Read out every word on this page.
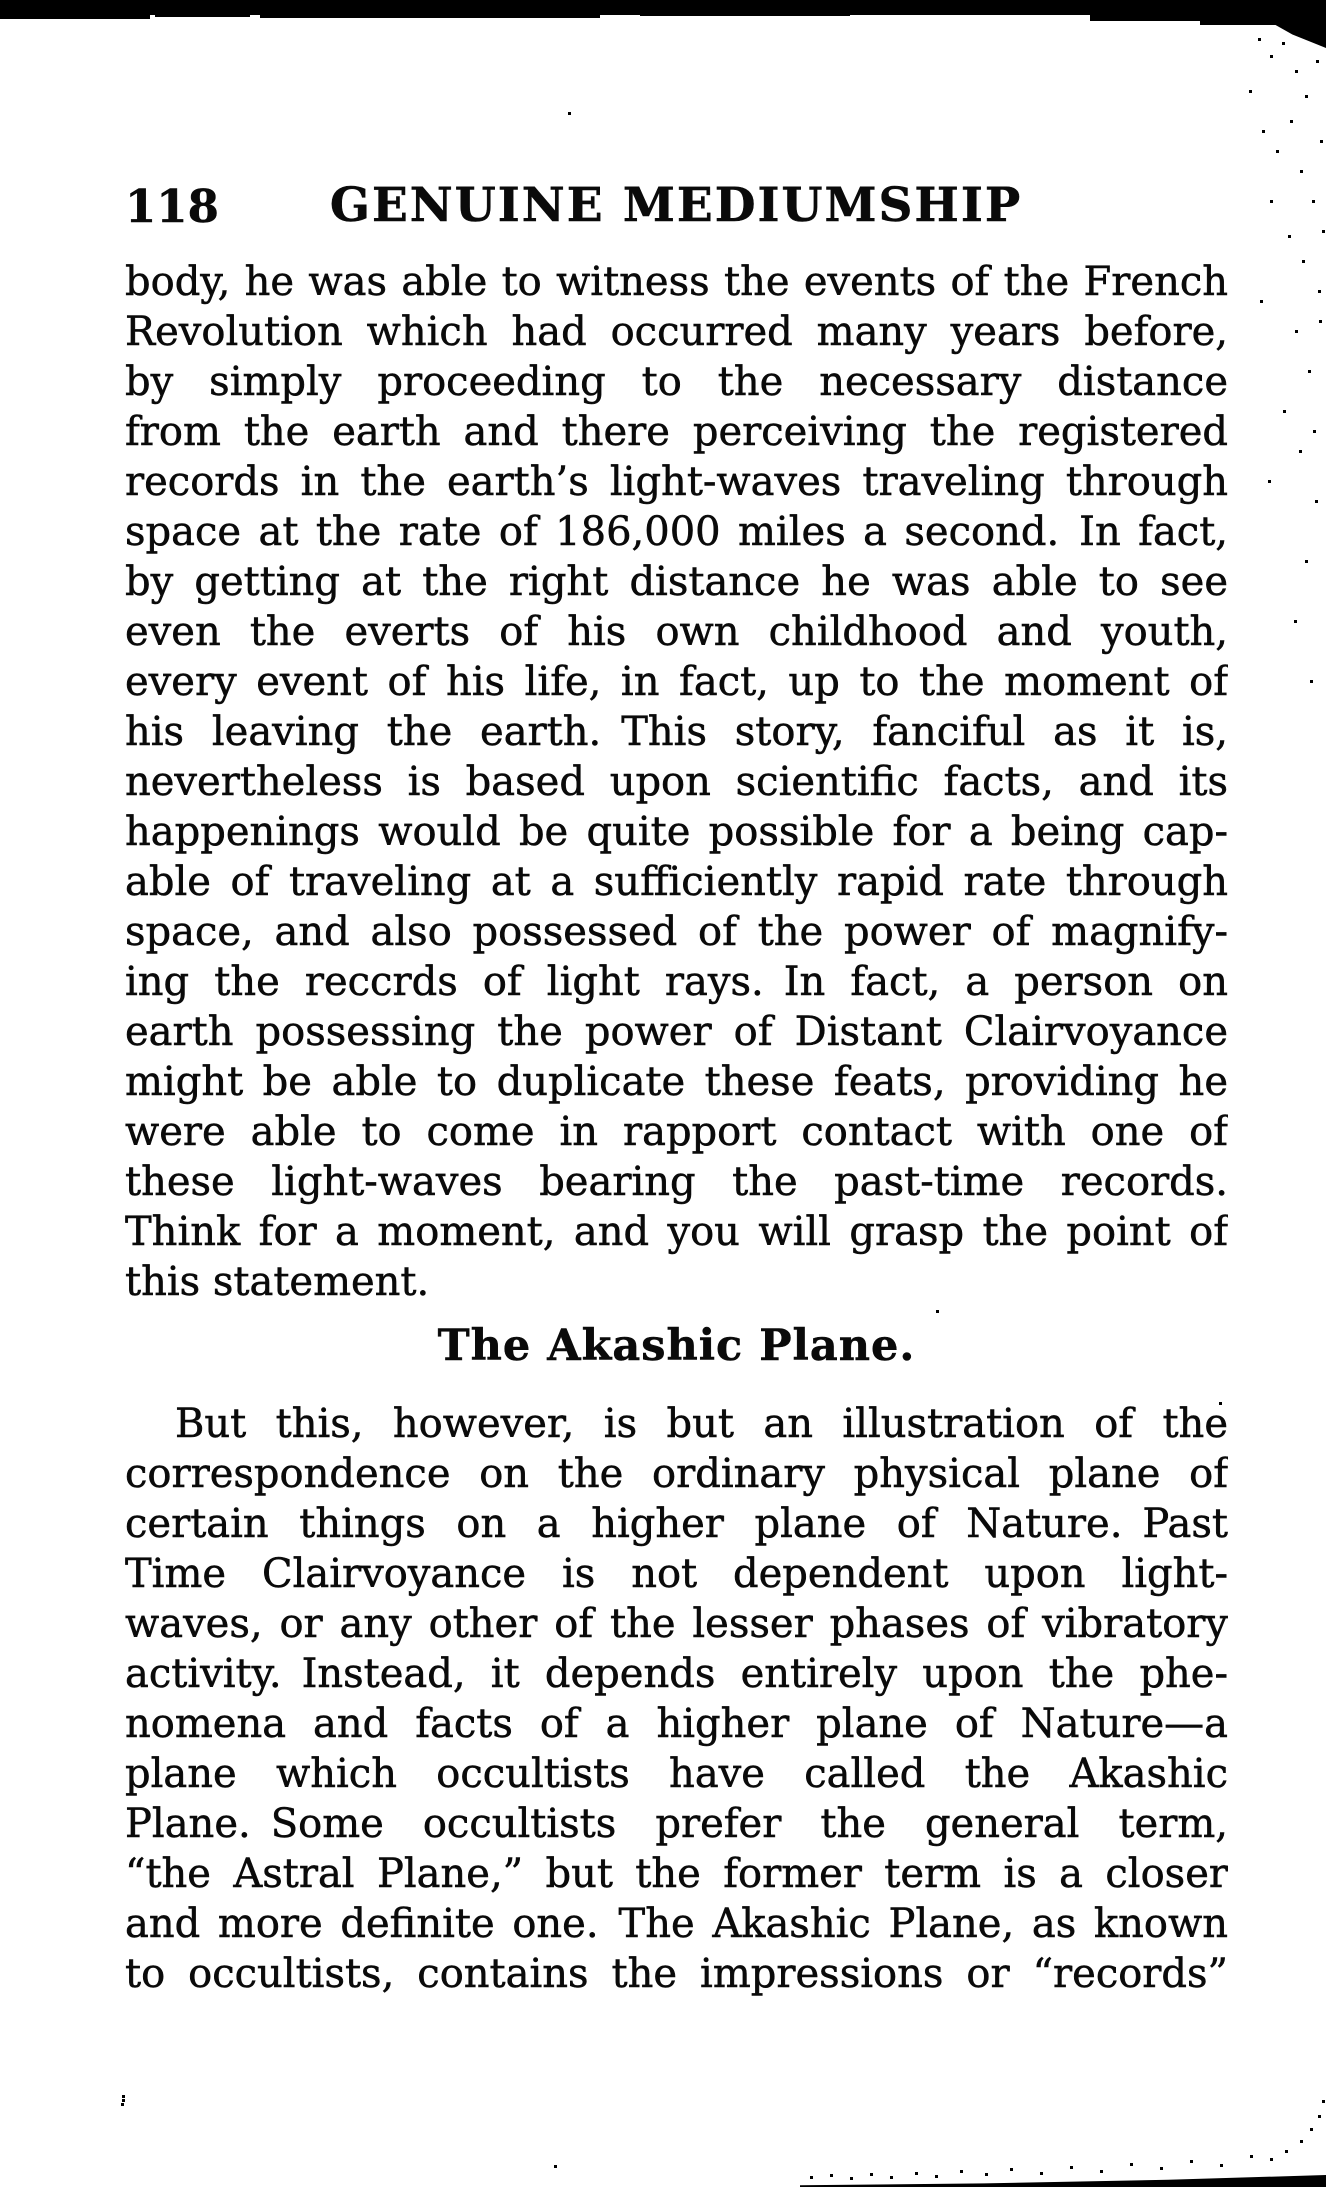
118 GENUINE MEDIUMSHIP
body, he was able to witness the events of the French
Revolution which had occurred many years before,
by simply proceeding to the necessary distance
from the earth and there perceiving the registered
records in the earth’s light-waves traveling through
space at the rate of 186,000 miles a second. In fact,
by getting at the right distance he was able to see
even the everts of his own childhood and youth,
every event of his life, in fact, up to the moment of
his leaving the earth. This story, fanciful as it is,
nevertheless is based upon scientific facts, and its
happenings would be quite possible for a being cap-
able of traveling at a sufficiently rapid rate through
space, and also possessed of the power of magnify-
ing the reccrds of light rays. In fact, a person on
earth possessing the power of Distant Clairvoyance
might be able to duplicate these feats, providing he
were able to come in rapport contact with one of
these light-waves bearing the past-time records.
Think for a moment, and you will grasp the point of
this statement.
The Akashic Plane.
But this, however, is but an illustration of the
correspondence on the ordinary physical plane of
certain things on a higher plane of Nature. Past
Time Clairvoyance is not dependent upon light-
waves, or any other of the lesser phases of vibratory
activity. Instead, it depends entirely upon the phe-
nomena and facts of a higher plane of Nature—a
plane which occultists have called the Akashic
Plane. Some occultists prefer the general term,
“the Astral Plane,” but the former term is a closer
and more definite one. The Akashic Plane, as known
to occultists, contains the impressions or “records”
